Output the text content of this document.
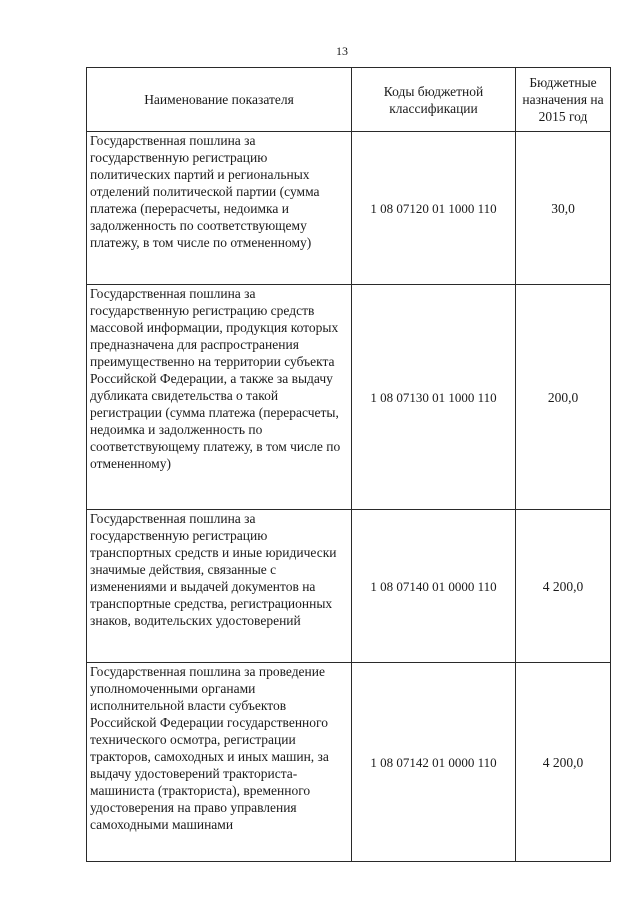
13
Наименование показателя	Коды бюджетной классификации	Бюджетные назначения на 2015 год
Государственная пошлина за государственную регистрацию политических партий и региональных отделений политической партии (сумма платежа (перерасчеты, недоимка и задолженность по соответствующему платежу, в том числе по отмененному)	1 08 07120 01 1000 110	30,0
Государственная пошлина за государственную регистрацию средств массовой информации, продукция которых предназначена для распространения преимущественно на территории субъекта Российской Федерации, а также за выдачу дубликата свидетельства о такой регистрации (сумма платежа (перерасчеты, недоимка и задолженность по соответствующему платежу, в том числе по отмененному)	1 08 07130 01 1000 110	200,0
Государственная пошлина за государственную регистрацию транспортных средств и иные юридически значимые действия, связанные с изменениями и выдачей документов на транспортные средства, регистрационных знаков, водительских удостоверений	1 08 07140 01 0000 110	4 200,0
Государственная пошлина за проведение уполномоченными органами исполнительной власти субъектов Российской Федерации государственного технического осмотра, регистрации тракторов, самоходных и иных машин, за выдачу удостоверений тракториста-машиниста (тракториста), временного удостоверения на право управления самоходными машинами	1 08 07142 01 0000 110	4 200,0
